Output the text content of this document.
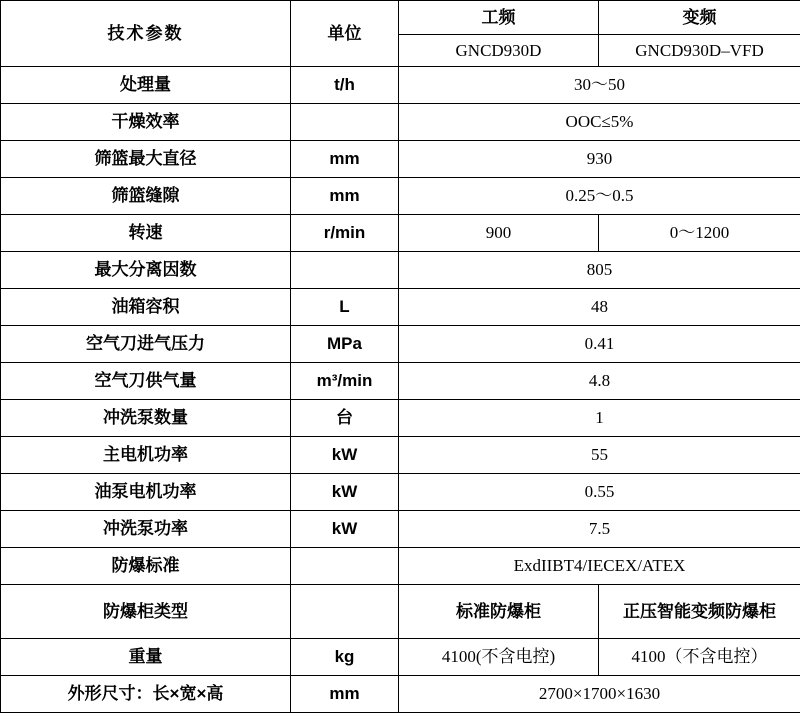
技术参数	单位	工频	变频
		GNCD930D	GNCD930D–VFD
处理量	t/h	30～50	
干燥效率		OOC≤5%	
筛篮最大直径	mm	930	
筛篮缝隙	mm	0.25～0.5	
转速	r/min	900	0～1200
最大分离因数		805	
油箱容积	L	48	
空气刀进气压力	MPa	0.41	
空气刀供气量	m³/min	4.8	
冲洗泵数量	台	1	
主电机功率	kW	55	
油泵电机功率	kW	0.55	
冲洗泵功率	kW	7.5	
防爆标准		ExdIIBT4/IECEX/ATEX	
防爆柜类型		标准防爆柜	正压智能变频防爆柜
重量	kg	4100(不含电控)	4100（不含电控）
外形尺寸：长×宽×高	mm	2700×1700×1630	
